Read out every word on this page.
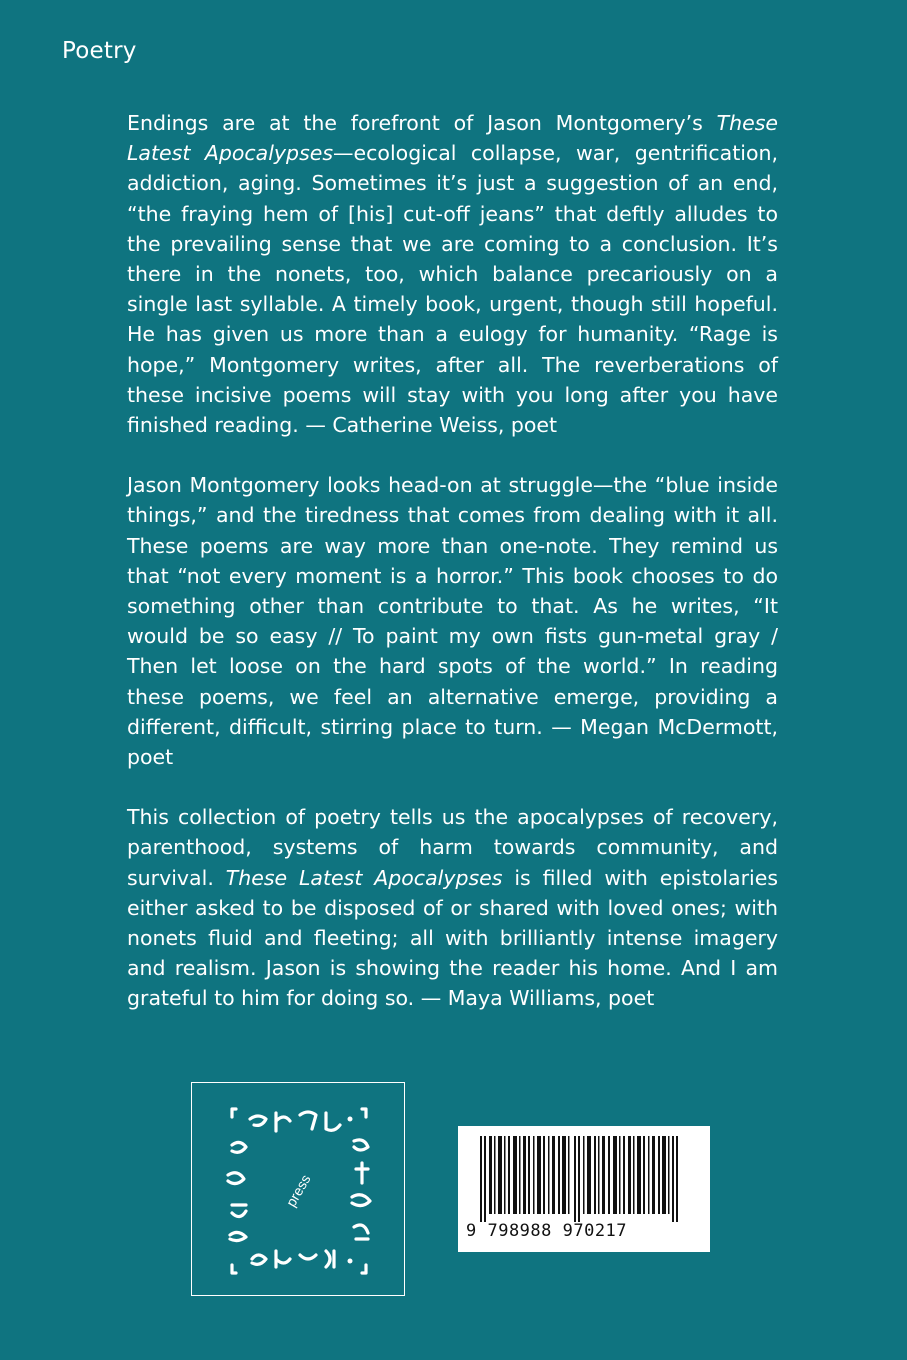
Poetry

Endings are at the forefront of Jason Montgomery’s These Latest Apocalypses—ecological collapse, war, gentrification, addiction, aging. Sometimes it’s just a suggestion of an end, “the fraying hem of [his] cut-off jeans” that deftly alludes to the prevailing sense that we are coming to a conclusion. It’s there in the nonets, too, which balance precariously on a single last syllable. A timely book, urgent, though still hopeful. He has given us more than a eulogy for humanity. “Rage is hope,” Montgomery writes, after all. The reverberations of these incisive poems will stay with you long after you have finished reading. — Catherine Weiss, poet

Jason Montgomery looks head-on at struggle—the “blue inside things,” and the tiredness that comes from dealing with it all. These poems are way more than one-note. They remind us that “not every moment is a horror.” This book chooses to do something other than contribute to that. As he writes, “It would be so easy // To paint my own fists gun-metal gray / Then let loose on the hard spots of the world.” In reading these poems, we feel an alternative emerge, providing a different, difficult, stirring place to turn. — Megan McDermott, poet

This collection of poetry tells us the apocalypses of recovery, parenthood, systems of harm towards community, and survival. These Latest Apocalypses is filled with epistolaries either asked to be disposed of or shared with loved ones; with nonets fluid and fleeting; all with brilliantly intense imagery and realism. Jason is showing the reader his home. And I am grateful to him for doing so. — Maya Williams, poet

press
9 798988 970217
